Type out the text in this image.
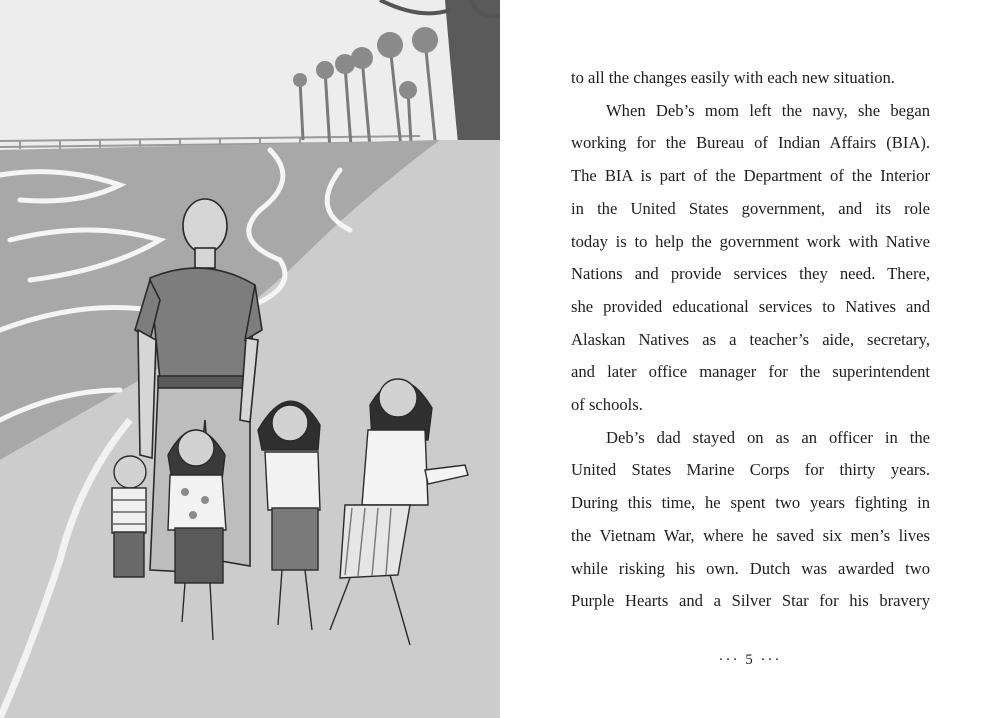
to all the changes easily with each new situation.

When Deb’s mom left the navy, she began

working for the Bureau of Indian Affairs (BIA).

The BIA is part of the Department of the Interior

in the United States government, and its role

today is to help the government work with Native

Nations and provide services they need. There,

she provided educational services to Natives and

Alaskan Natives as a teacher’s aide, secretary,

and later office manager for the superintendent

of schools.

Deb’s dad stayed on as an officer in the

United States Marine Corps for thirty years.

During this time, he spent two years fighting in

the Vietnam War, where he saved six men’s lives

while risking his own. Dutch was awarded two

Purple Hearts and a Silver Star for his bravery

··· 5 ···
